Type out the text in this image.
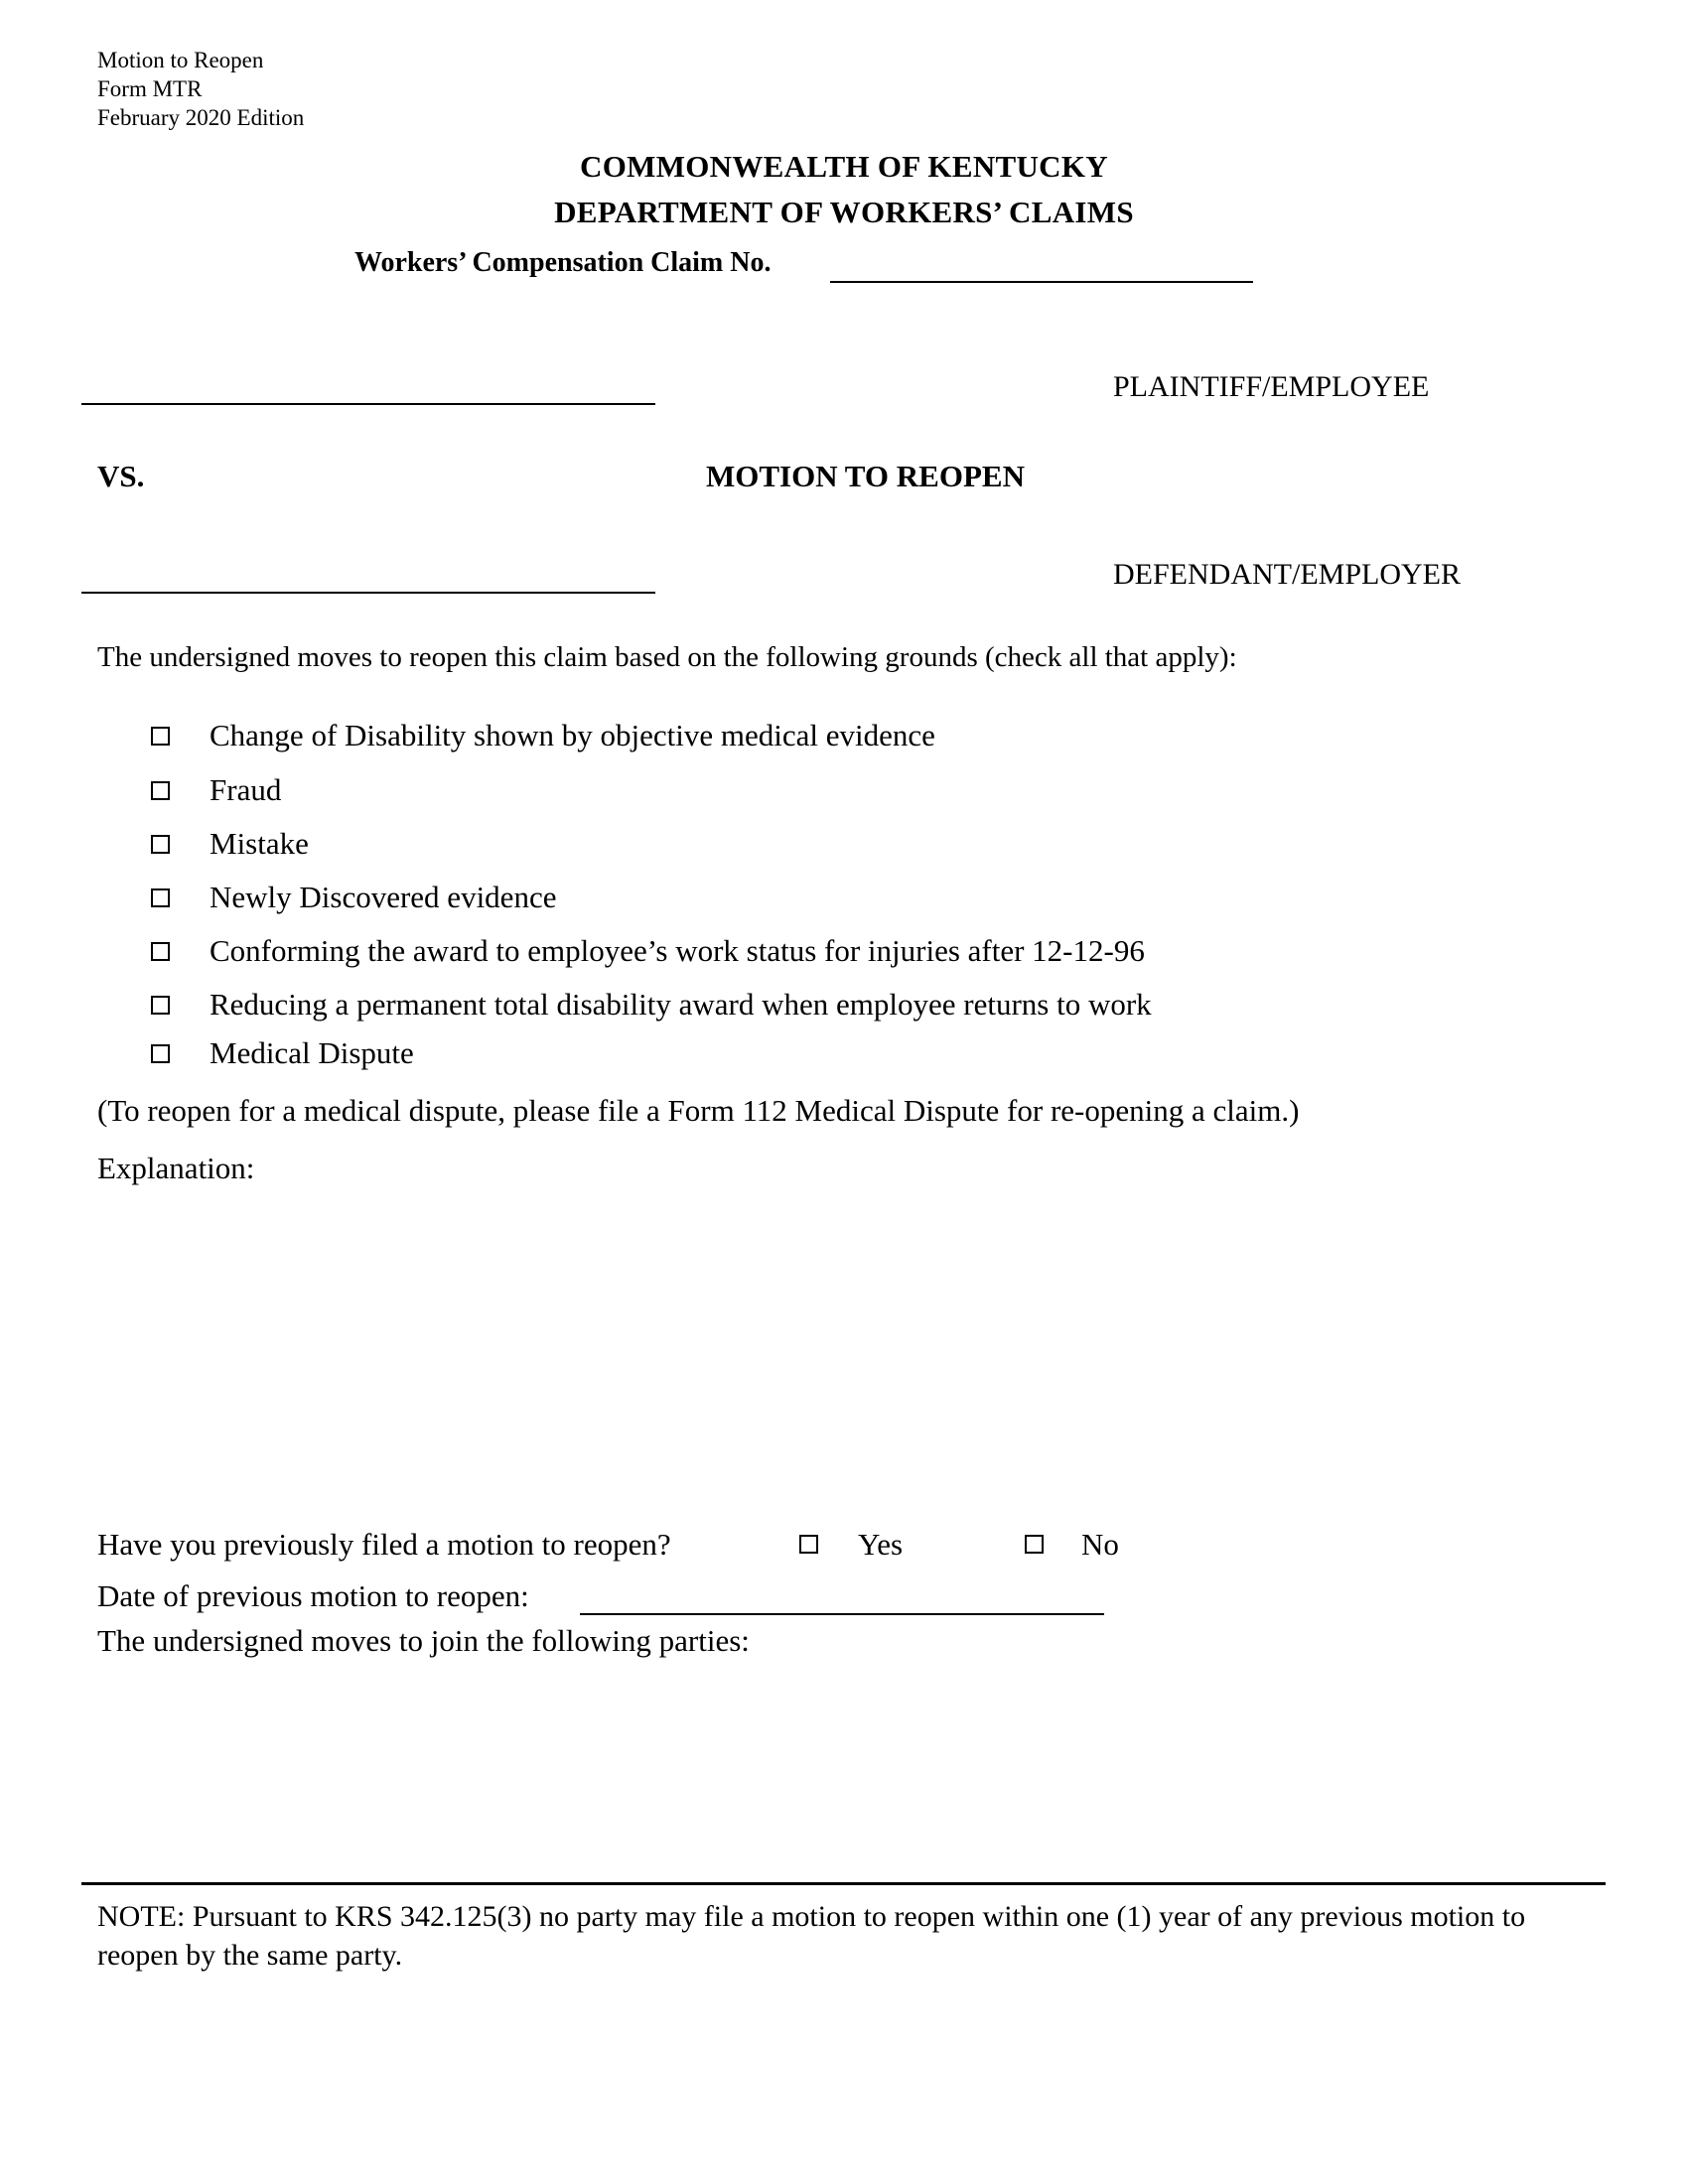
Motion to Reopen
Form MTR
February 2020 Edition
COMMONWEALTH OF KENTUCKY
DEPARTMENT OF WORKERS’ CLAIMS
Workers’ Compensation Claim No.
PLAINTIFF/EMPLOYEE
VS.	MOTION TO REOPEN
DEFENDANT/EMPLOYER
The undersigned moves to reopen this claim based on the following grounds (check all that apply):
Change of Disability shown by objective medical evidence
Fraud
Mistake
Newly Discovered evidence
Conforming the award to employee’s work status for injuries after 12-12-96
Reducing a permanent total disability award when employee returns to work
Medical Dispute
(To reopen for a medical dispute, please file a Form 112 Medical Dispute for re-opening a claim.)
Explanation:
Have you previously filed a motion to reopen?	Yes	No
Date of previous motion to reopen:
The undersigned moves to join the following parties:
NOTE: Pursuant to KRS 342.125(3) no party may file a motion to reopen within one (1) year of any previous motion to reopen by the same party.
